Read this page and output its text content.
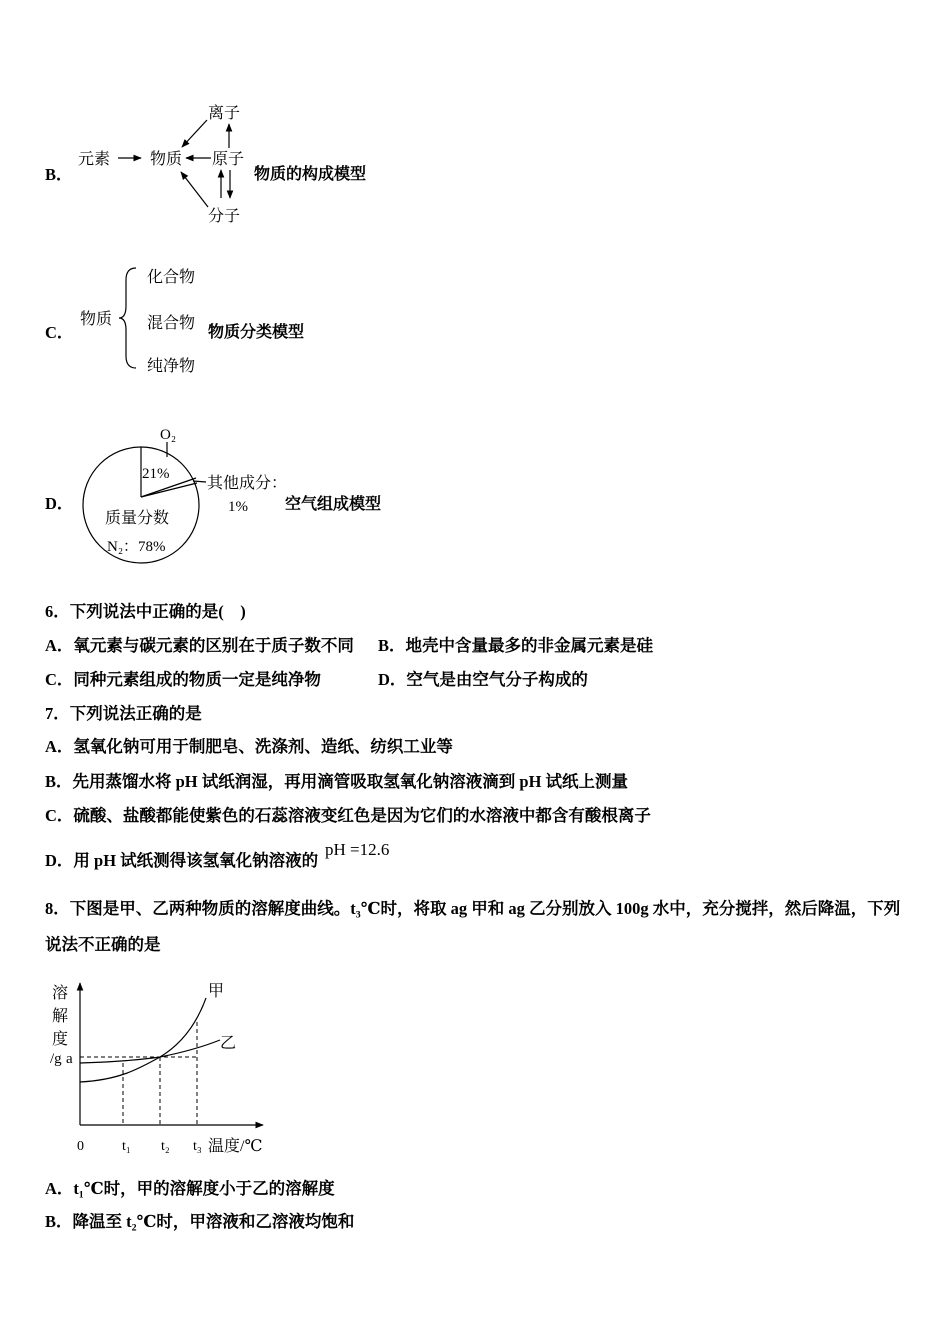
B．
元素 物质 原子
离子
分子
物质的构成模型
C．
物质
化合物
混合物
纯净物
物质分类模型
D．
O₂
21%
其他成分：
1%
质量分数
N₂：78%
空气组成模型
6．下列说法中正确的是(    )
A．氧元素与碳元素的区别在于质子数不同 B．地壳中含量最多的非金属元素是硅
C．同种元素组成的物质一定是纯净物	D．空气是由空气分子构成的
7．下列说法正确的是
A．氢氧化钠可用于制肥皂、洗涤剂、造纸、纺织工业等
B．先用蒸馏水将 pH 试纸润湿，再用滴管吸取氢氧化钠溶液滴到 pH 试纸上测量
C．硫酸、盐酸都能使紫色的石蕊溶液变红色是因为它们的水溶液中都含有酸根离子
D．用 pH 试纸测得该氢氧化钠溶液的
pH =12.6
8．下图是甲、乙两种物质的溶解度曲线。t₃℃时，将取 ag 甲和 ag 乙分别放入 100g 水中，充分搅拌，然后降温，下列
说法不正确的是
溶
解
度
/g a
甲
乙
0	t₁ t₂ t₃ 温度/℃
A．t₁℃时，甲的溶解度小于乙的溶解度
B．降温至 t₂℃时，甲溶液和乙溶液均饱和
